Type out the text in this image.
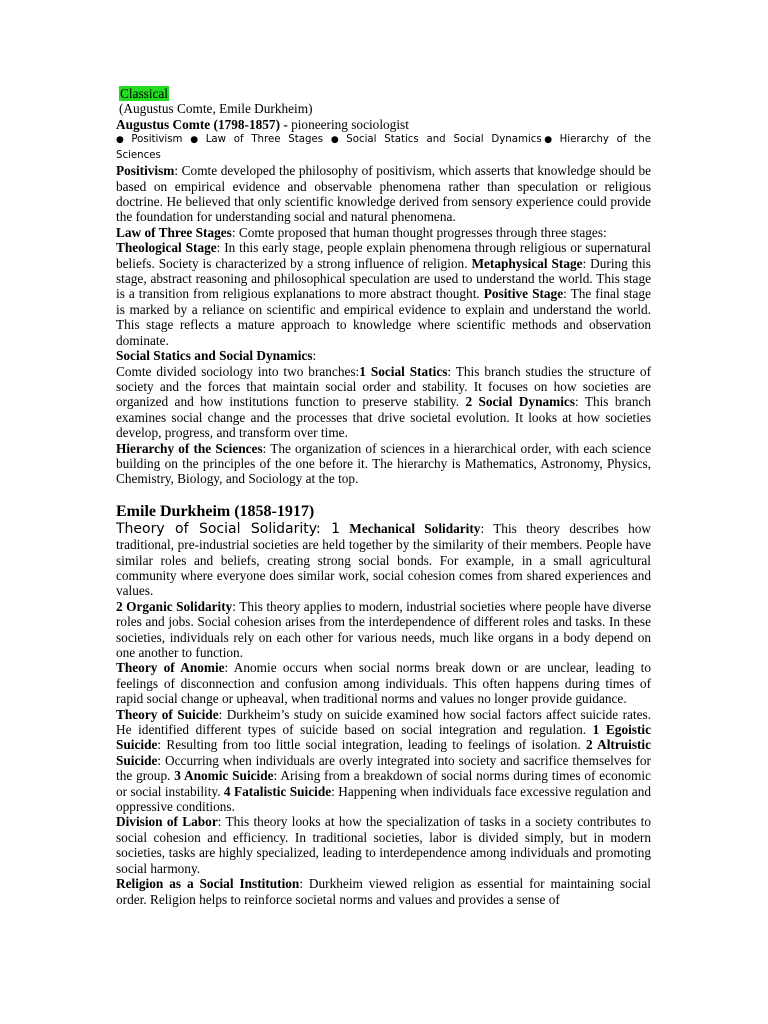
Classical

(Augustus Comte, Emile Durkheim)

Augustus Comte (1798-1857) - pioneering sociologist

● Positivism ● Law of Three Stages ● Social Statics and Social Dynamics● Hierarchy of the Sciences

Positivism: Comte developed the philosophy of positivism, which asserts that knowledge should be based on empirical evidence and observable phenomena rather than speculation or religious doctrine. He believed that only scientific knowledge derived from sensory experience could provide the foundation for understanding social and natural phenomena.

Law of Three Stages: Comte proposed that human thought progresses through three stages:

Theological Stage: In this early stage, people explain phenomena through religious or supernatural beliefs. Society is characterized by a strong influence of religion. Metaphysical Stage: During this stage, abstract reasoning and philosophical speculation are used to understand the world. This stage is a transition from religious explanations to more abstract thought. Positive Stage: The final stage is marked by a reliance on scientific and empirical evidence to explain and understand the world. This stage reflects a mature approach to knowledge where scientific methods and observation dominate.

Social Statics and Social Dynamics:

Comte divided sociology into two branches:1 Social Statics: This branch studies the structure of society and the forces that maintain social order and stability. It focuses on how societies are organized and how institutions function to preserve stability. 2 Social Dynamics: This branch examines social change and the processes that drive societal evolution. It looks at how societies develop, progress, and transform over time.

Hierarchy of the Sciences: The organization of sciences in a hierarchical order, with each science building on the principles of the one before it. The hierarchy is Mathematics, Astronomy, Physics, Chemistry, Biology, and Sociology at the top.

Emile Durkheim (1858-1917)

Theory of Social Solidarity: 1 Mechanical Solidarity: This theory describes how traditional, pre-industrial societies are held together by the similarity of their members. People have similar roles and beliefs, creating strong social bonds. For example, in a small agricultural community where everyone does similar work, social cohesion comes from shared experiences and values.

2 Organic Solidarity: This theory applies to modern, industrial societies where people have diverse roles and jobs. Social cohesion arises from the interdependence of different roles and tasks. In these societies, individuals rely on each other for various needs, much like organs in a body depend on one another to function.

Theory of Anomie: Anomie occurs when social norms break down or are unclear, leading to feelings of disconnection and confusion among individuals. This often happens during times of rapid social change or upheaval, when traditional norms and values no longer provide guidance.

Theory of Suicide: Durkheim’s study on suicide examined how social factors affect suicide rates. He identified different types of suicide based on social integration and regulation. 1 Egoistic Suicide: Resulting from too little social integration, leading to feelings of isolation. 2 Altruistic Suicide: Occurring when individuals are overly integrated into society and sacrifice themselves for the group. 3 Anomic Suicide: Arising from a breakdown of social norms during times of economic or social instability. 4 Fatalistic Suicide: Happening when individuals face excessive regulation and oppressive conditions.

Division of Labor: This theory looks at how the specialization of tasks in a society contributes to social cohesion and efficiency. In traditional societies, labor is divided simply, but in modern societies, tasks are highly specialized, leading to interdependence among individuals and promoting social harmony.

Religion as a Social Institution: Durkheim viewed religion as essential for maintaining social order. Religion helps to reinforce societal norms and values and provides a sense of
